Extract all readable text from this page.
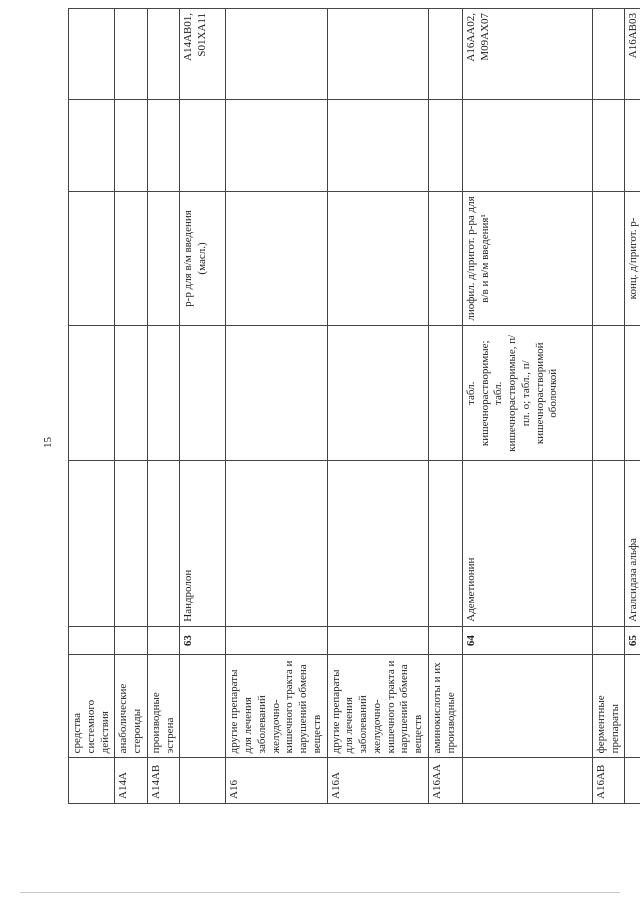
15
	средства системного действия						
A14A	анаболические стероиды						
A14AB	производные эстрена						
		63	Нандролон		р-р для в/м введения (масл.)		A14AB01, S01XA11
A16	другие препараты для лечения заболеваний желудочно-кишечного тракта и нарушений обмена веществ						
A16A	другие препараты для лечения заболеваний желудочно-кишечного тракта и нарушений обмена веществ						
A16AA	аминокислоты и их производные						
		64	Адеметионин	табл. кишечнорастворимые; табл. кишечнорастворимые, п/пл. о; табл., п/кишечнорастворимой оболочкой	лиофил. д/пригот. р-ра для в/в и в/м введения¹		A16AA02, M09AX07
A16AB	ферментные препараты						
		65	Агалсидаза альфа		конц. д/пригот. р-		A16AB03
